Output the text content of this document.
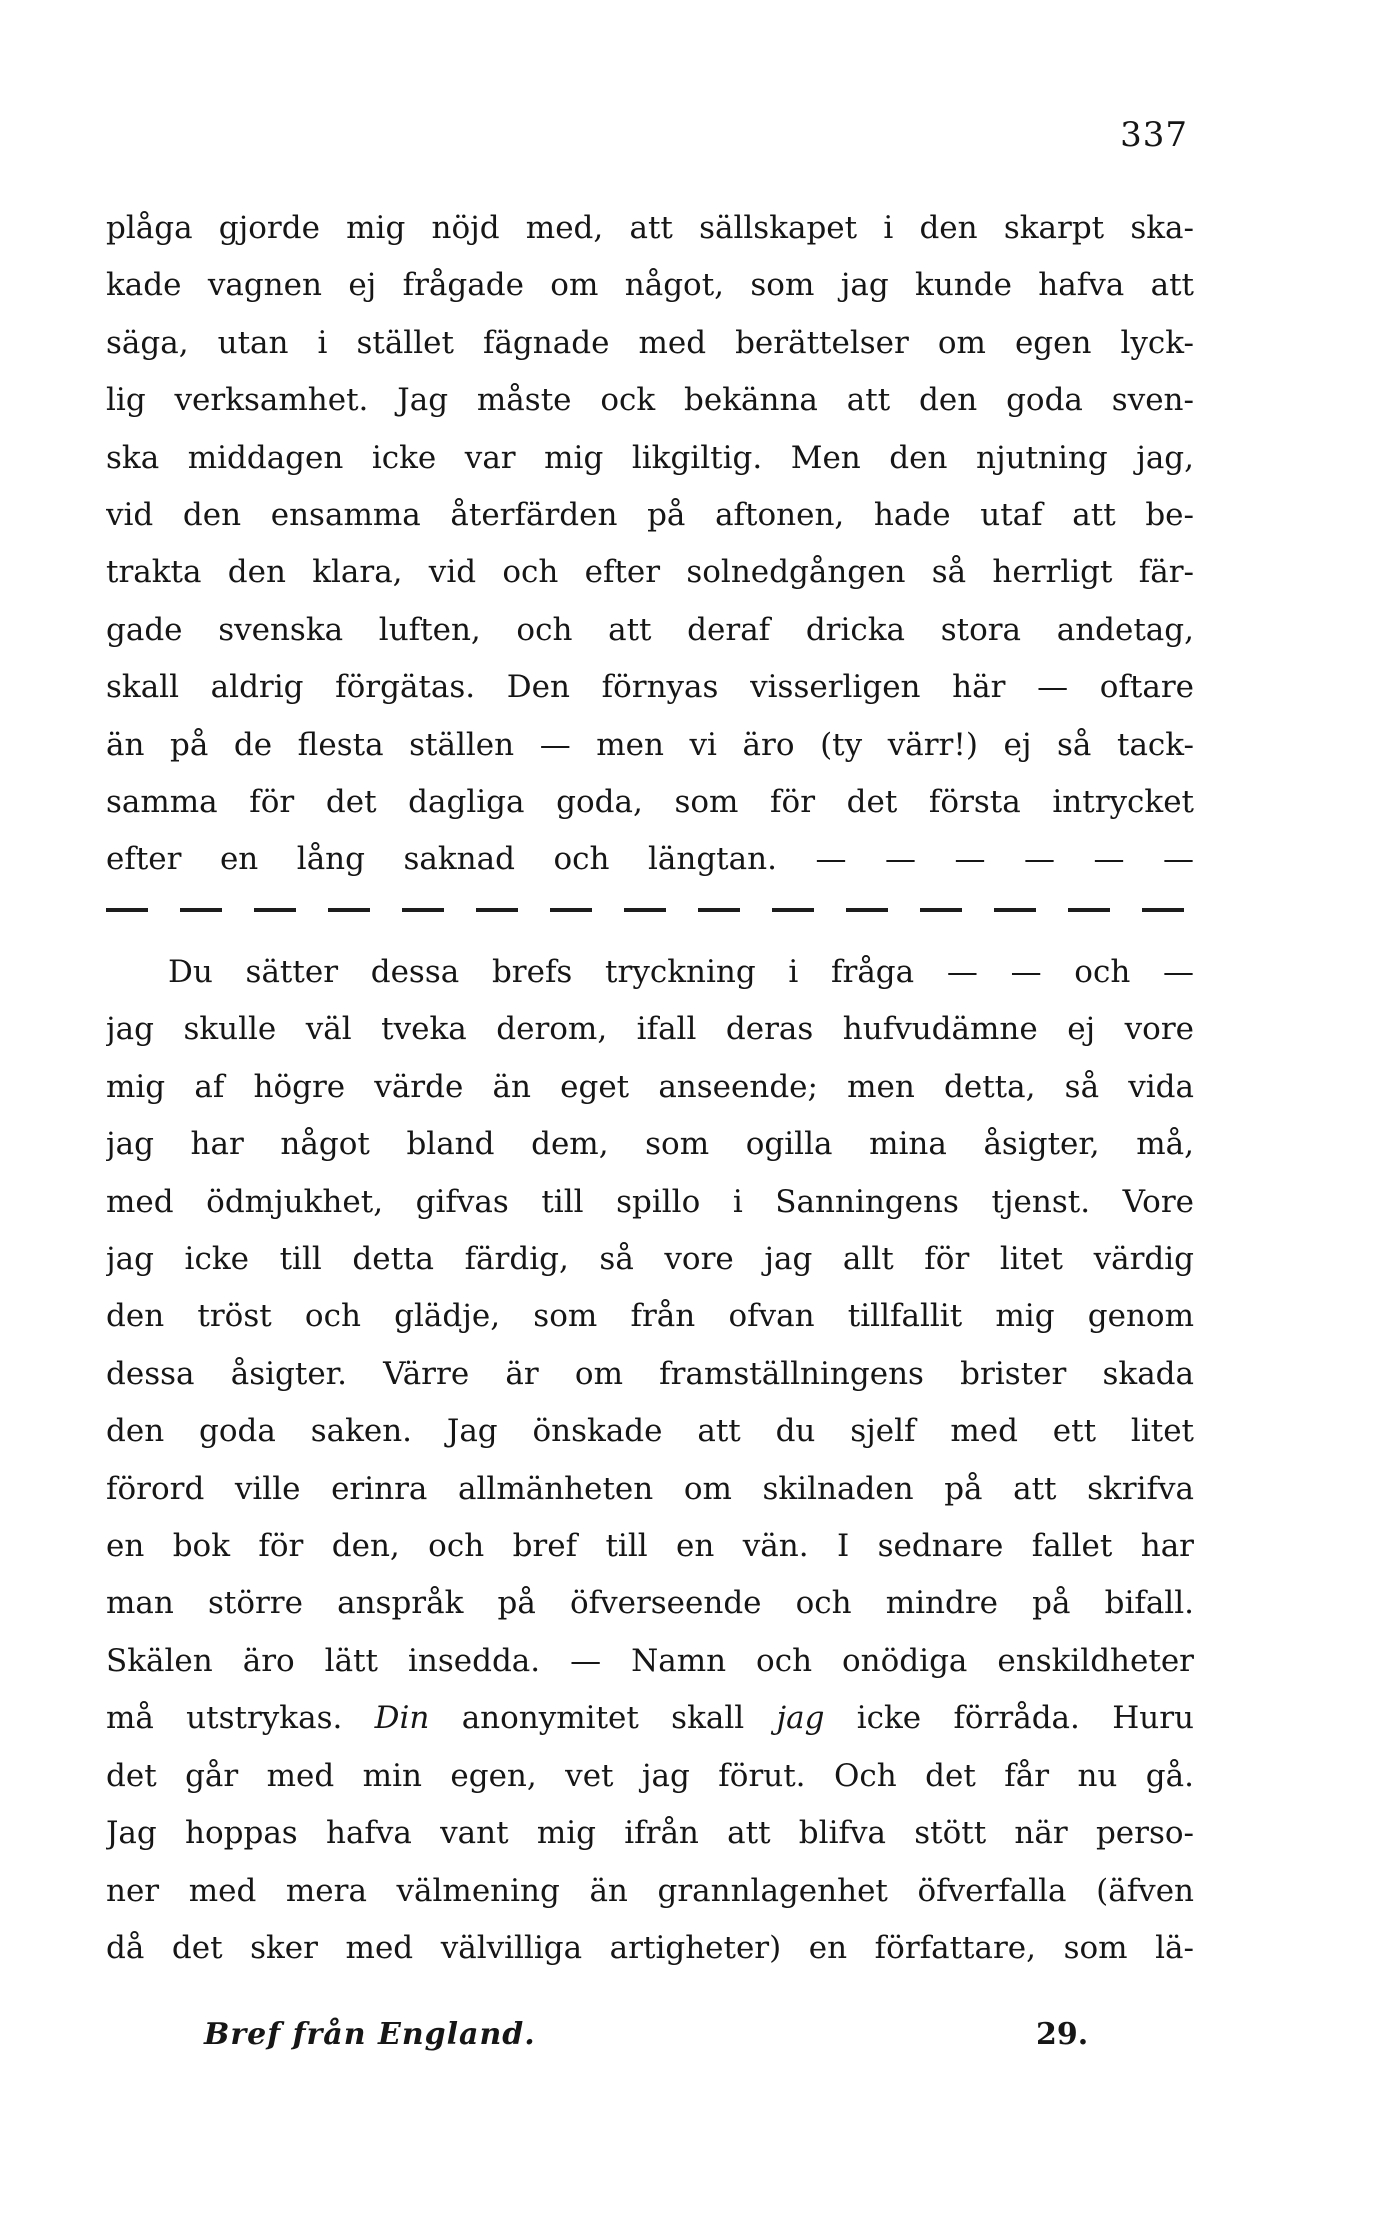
337
plåga gjorde mig nöjd med, att sällskapet i den skarpt ska-
kade vagnen ej frågade om något, som jag kunde hafva att
säga, utan i stället fägnade med berättelser om egen lyck-
lig verksamhet. Jag måste ock bekänna att den goda sven-
ska middagen icke var mig likgiltig. Men den njutning jag,
vid den ensamma återfärden på aftonen, hade utaf att be-
trakta den klara, vid och efter solnedgången så herrligt fär-
gade svenska luften, och att deraf dricka stora andetag,
skall aldrig förgätas. Den förnyas visserligen här — oftare
än på de flesta ställen — men vi äro (ty värr!) ej så tack-
samma för det dagliga goda, som för det första intrycket
efter en lång saknad och längtan. — — — — — —
Du sätter dessa brefs tryckning i fråga — — och —
jag skulle väl tveka derom, ifall deras hufvudämne ej vore
mig af högre värde än eget anseende; men detta, så vida
jag har något bland dem, som ogilla mina åsigter, må,
med ödmjukhet, gifvas till spillo i Sanningens tjenst. Vore
jag icke till detta färdig, så vore jag allt för litet värdig
den tröst och glädje, som från ofvan tillfallit mig genom
dessa åsigter. Värre är om framställningens brister skada
den goda saken. Jag önskade att du sjelf med ett litet
förord ville erinra allmänheten om skilnaden på att skrifva
en bok för den, och bref till en vän. I sednare fallet har
man större anspråk på öfverseende och mindre på bifall.
Skälen äro lätt insedda. — Namn och onödiga enskildheter
må utstrykas. Din anonymitet skall jag icke förråda. Huru
det går med min egen, vet jag förut. Och det får nu gå.
Jag hoppas hafva vant mig ifrån att blifva stött när perso-
ner med mera välmening än grannlagenhet öfverfalla (äfven
då det sker med välvilliga artigheter) en författare, som lä-
Bref från England.	29.
